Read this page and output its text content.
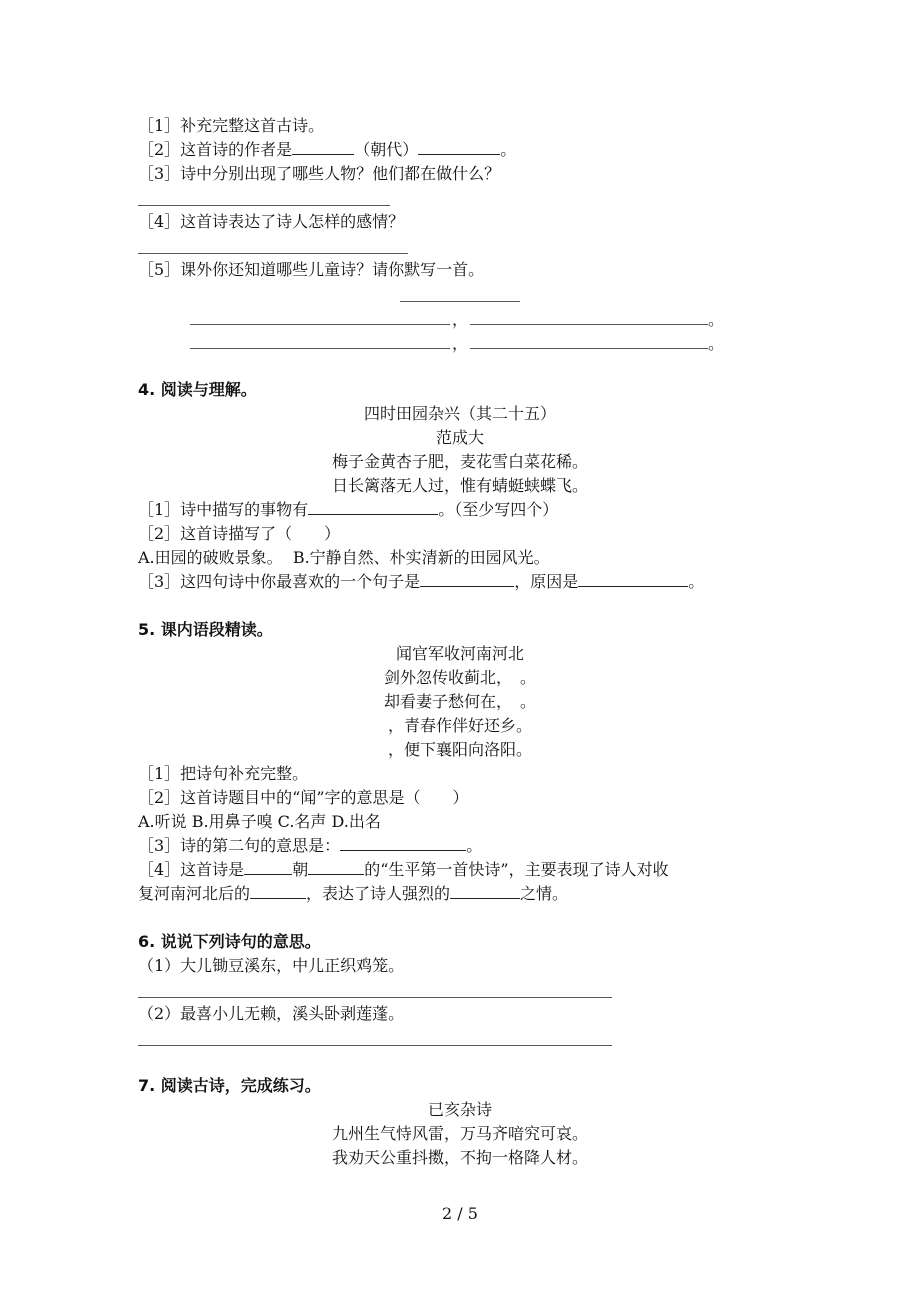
［1］补充完整这首古诗。
［2］这首诗的作者是	（朝代）	。
［3］诗中分别出现了哪些人物？他们都在做什么？
［4］这首诗表达了诗人怎样的感情？
［5］课外你还知道哪些儿童诗？请你默写一首。
，	。
，	。
4. 阅读与理解。
四时田园杂兴（其二十五）
范成大
梅子金黄杏子肥，麦花雪白菜花稀。
日长篱落无人过，惟有蜻蜓蛱蝶飞。
［1］诗中描写的事物有	。（至少写四个）
［2］这首诗描写了（　　）
A.田园的破败景象。  B.宁静自然、朴实清新的田园风光。
［3］这四句诗中你最喜欢的一个句子是	，原因是	。
5. 课内语段精读。
闻官军收河南河北
剑外忽传收蓟北，　。
却看妻子愁何在，　。
，青春作伴好还乡。
，便下襄阳向洛阳。
［1］把诗句补充完整。
［2］这首诗题目中的“闻”字的意思是（　　）
A.听说 B.用鼻子嗅 C.名声 D.出名
［3］诗的第二句的意思是：	。
［4］这首诗是	朝	的“生平第一首快诗”，主要表现了诗人对收
复河南河北后的	，表达了诗人强烈的	之情。
6. 说说下列诗句的意思。
（1）大儿锄豆溪东，中儿正织鸡笼。
（2）最喜小儿无赖，溪头卧剥莲蓬。
7. 阅读古诗，完成练习。
已亥杂诗
九州生气恃风雷，万马齐喑究可哀。
我劝天公重抖擞，不拘一格降人材。
2 / 5
